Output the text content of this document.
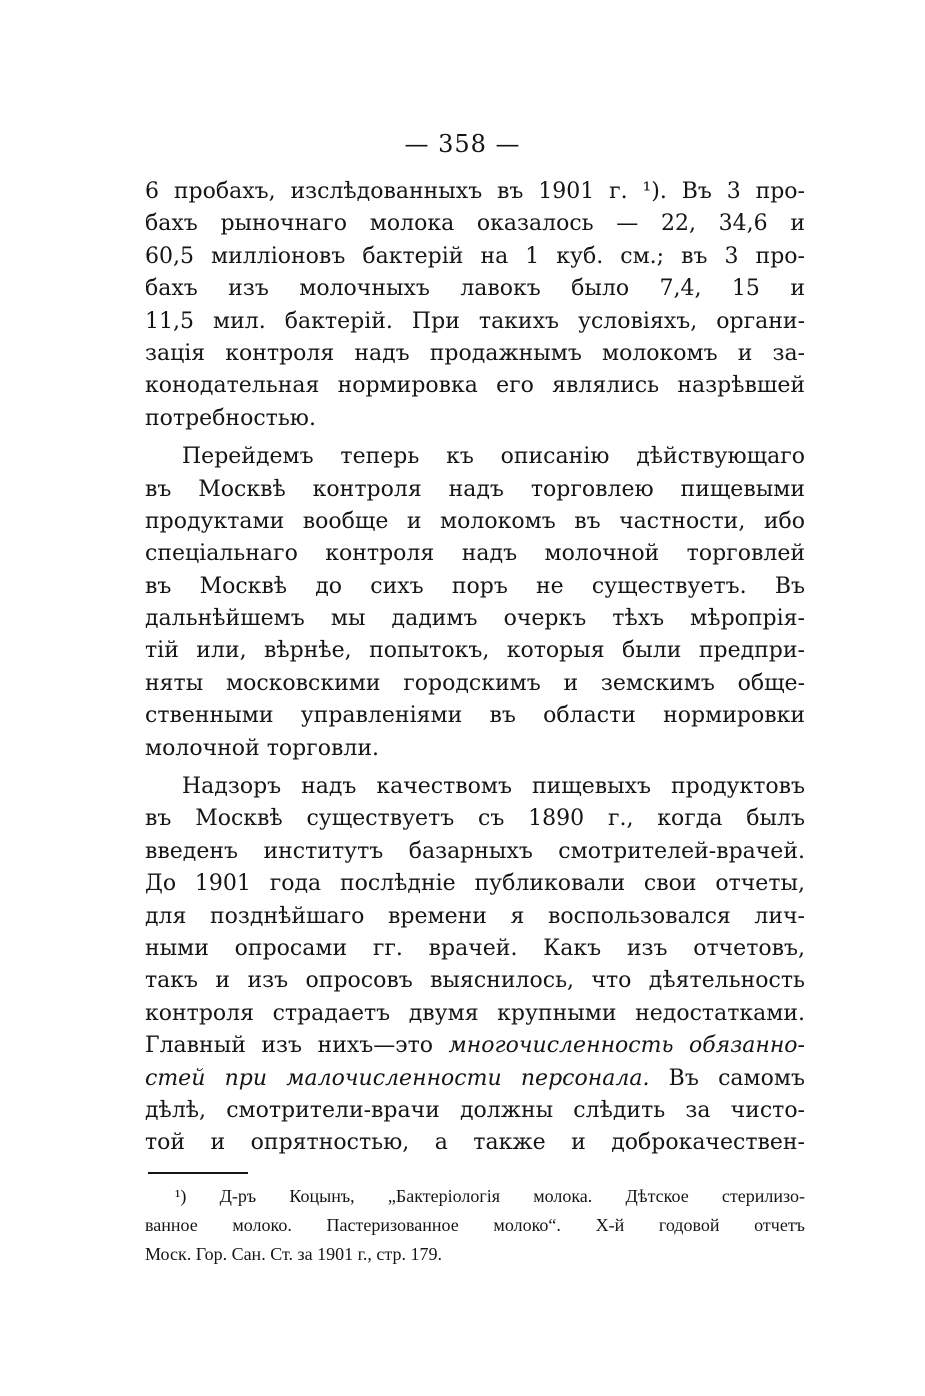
— 358 —
6 пробахъ, изслѣдованныхъ въ 1901 г. ¹). Въ 3 про-
бахъ рыночнаго молока оказалось — 22, 34,6 и
60,5 милліоновъ бактерій на 1 куб. см.; въ 3 про-
бахъ изъ молочныхъ лавокъ было 7,4, 15 и
11,5 мил. бактерій. При такихъ условіяхъ, органи-
зація контроля надъ продажнымъ молокомъ и за-
конодательная нормировка его являлись назрѣвшей
потребностью.
Перейдемъ теперь къ описанію дѣйствующаго
въ Москвѣ контроля надъ торговлею пищевыми
продуктами вообще и молокомъ въ частности, ибо
спеціальнаго контроля надъ молочной торговлей
въ Москвѣ до сихъ поръ не существуетъ. Въ
дальнѣйшемъ мы дадимъ очеркъ тѣхъ мѣропрія-
тій или, вѣрнѣе, попытокъ, которыя были предпри-
няты московскими городскимъ и земскимъ обще-
ственными управленіями въ области нормировки
молочной торговли.
Надзоръ надъ качествомъ пищевыхъ продуктовъ
въ Москвѣ существуетъ съ 1890 г., когда былъ
введенъ институтъ базарныхъ смотрителей-врачей.
До 1901 года послѣдніе публиковали свои отчеты,
для позднѣйшаго времени я воспользовался лич-
ными опросами гг. врачей. Какъ изъ отчетовъ,
такъ и изъ опросовъ выяснилось, что дѣятельность
контроля страдаетъ двумя крупными недостатками.
Главный изъ нихъ—это многочисленность обязанно-
стей при малочисленности персонала. Въ самомъ
дѣлѣ, смотрители-врачи должны слѣдить за чисто-
той и опрятностью, а также и доброкачествен-
¹) Д-ръ Коцынъ, „Бактеріологія молока. Дѣтское стерилизо-
ванное молоко. Пастеризованное молоко“. Х-й годовой отчетъ
Моск. Гор. Сан. Ст. за 1901 г., стр. 179.
